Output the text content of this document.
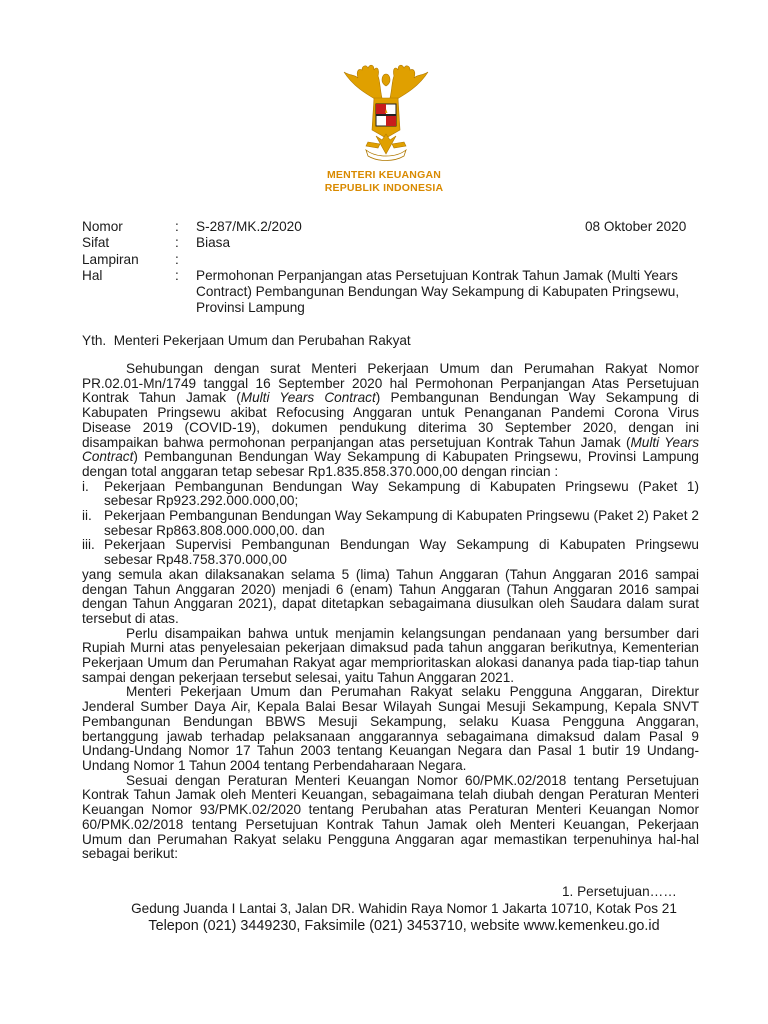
MENTERI KEUANGAN
REPUBLIK INDONESIA
Nomor	: S-287/MK.2/2020	08 Oktober 2020
Sifat	: Biasa
Lampiran	:
Hal	: Permohonan Perpanjangan atas Persetujuan Kontrak Tahun Jamak (Multi Years Contract) Pembangunan Bendungan Way Sekampung di Kabupaten Pringsewu, Provinsi Lampung
Yth. Menteri Pekerjaan Umum dan Perubahan Rakyat

Sehubungan dengan surat Menteri Pekerjaan Umum dan Perumahan Rakyat Nomor PR.02.01-Mn/1749 tanggal 16 September 2020 hal Permohonan Perpanjangan Atas Persetujuan Kontrak Tahun Jamak (Multi Years Contract) Pembangunan Bendungan Way Sekampung di Kabupaten Pringsewu akibat Refocusing Anggaran untuk Penanganan Pandemi Corona Virus Disease 2019 (COVID-19), dokumen pendukung diterima 30 September 2020, dengan ini disampaikan bahwa permohonan perpanjangan atas persetujuan Kontrak Tahun Jamak (Multi Years Contract) Pembangunan Bendungan Way Sekampung di Kabupaten Pringsewu, Provinsi Lampung dengan total anggaran tetap sebesar Rp1.835.858.370.000,00 dengan rincian :

i.	Pekerjaan Pembangunan Bendungan Way Sekampung di Kabupaten Pringsewu (Paket 1) sebesar Rp923.292.000.000,00;
ii. Pekerjaan Pembangunan Bendungan Way Sekampung di Kabupaten Pringsewu (Paket 2) Paket 2 sebesar Rp863.808.000.000,00. dan
iii. Pekerjaan Supervisi Pembangunan Bendungan Way Sekampung di Kabupaten Pringsewu sebesar Rp48.758.370.000,00

yang semula akan dilaksanakan selama 5 (lima) Tahun Anggaran (Tahun Anggaran 2016 sampai dengan Tahun Anggaran 2020) menjadi 6 (enam) Tahun Anggaran (Tahun Anggaran 2016 sampai dengan Tahun Anggaran 2021), dapat ditetapkan sebagaimana diusulkan oleh Saudara dalam surat tersebut di atas.

Perlu disampaikan bahwa untuk menjamin kelangsungan pendanaan yang bersumber dari Rupiah Murni atas penyelesaian pekerjaan dimaksud pada tahun anggaran berikutnya, Kementerian Pekerjaan Umum dan Perumahan Rakyat agar memprioritaskan alokasi dananya pada tiap-tiap tahun sampai dengan pekerjaan tersebut selesai, yaitu Tahun Anggaran 2021.

Menteri Pekerjaan Umum dan Perumahan Rakyat selaku Pengguna Anggaran, Direktur Jenderal Sumber Daya Air, Kepala Balai Besar Wilayah Sungai Mesuji Sekampung, Kepala SNVT Pembangunan Bendungan BBWS Mesuji Sekampung, selaku Kuasa Pengguna Anggaran, bertanggung jawab terhadap pelaksanaan anggarannya sebagaimana dimaksud dalam Pasal 9 Undang-Undang Nomor 17 Tahun 2003 tentang Keuangan Negara dan Pasal 1 butir 19 Undang-Undang Nomor 1 Tahun 2004 tentang Perbendaharaan Negara.

Sesuai dengan Peraturan Menteri Keuangan Nomor 60/PMK.02/2018 tentang Persetujuan Kontrak Tahun Jamak oleh Menteri Keuangan, sebagaimana telah diubah dengan Peraturan Menteri Keuangan Nomor 93/PMK.02/2020 tentang Perubahan atas Peraturan Menteri Keuangan Nomor 60/PMK.02/2018 tentang Persetujuan Kontrak Tahun Jamak oleh Menteri Keuangan, Pekerjaan Umum dan Perumahan Rakyat selaku Pengguna Anggaran agar memastikan terpenuhinya hal-hal sebagai berikut:

1. Persetujuan……
Gedung Juanda I Lantai 3, Jalan DR. Wahidin Raya Nomor 1 Jakarta 10710, Kotak Pos 21
Telepon (021) 3449230, Faksimile (021) 3453710, website www.kemenkeu.go.id
